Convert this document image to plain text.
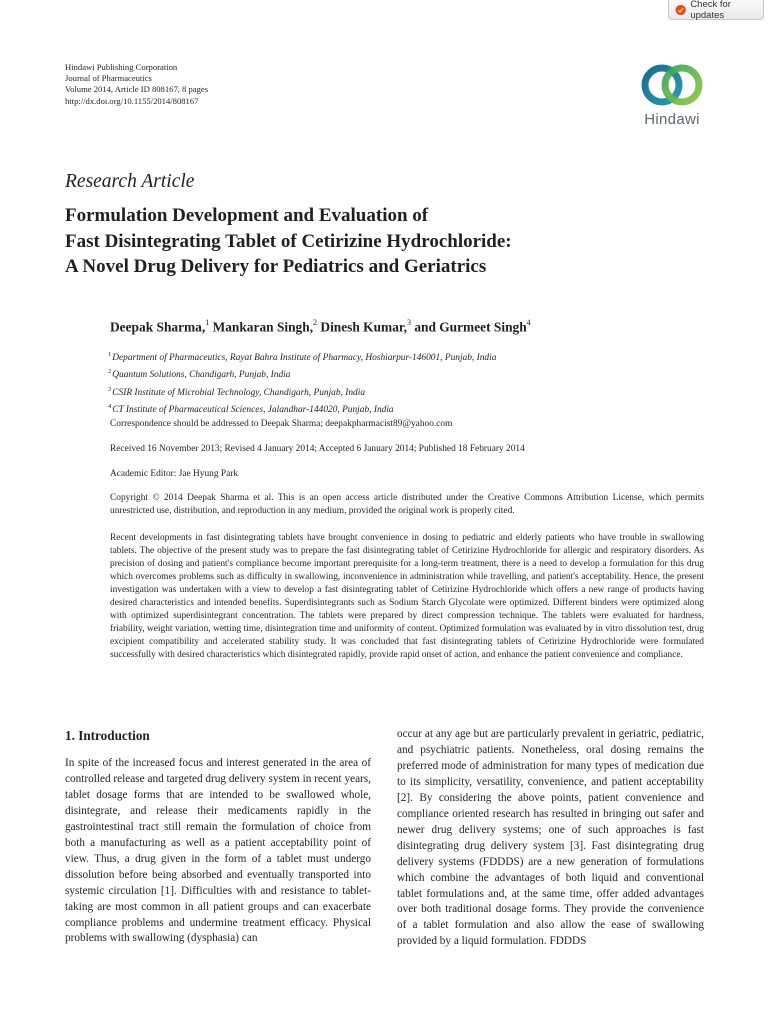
Check for updates
Hindawi Publishing Corporation
Journal of Pharmaceutics
Volume 2014, Article ID 808167, 8 pages
http://dx.doi.org/10.1155/2014/808167
Hindawi
Research Article
Formulation Development and Evaluation of
Fast Disintegrating Tablet of Cetirizine Hydrochloride:
A Novel Drug Delivery for Pediatrics and Geriatrics
Deepak Sharma,$^1$ Mankaran Singh,$^2$ Dinesh Kumar,$^3$ and Gurmeet Singh$^4$
$^1$Department of Pharmaceutics, Rayat Bahra Institute of Pharmacy, Hoshiarpur-146001, Punjab, India
$^2$Quantum Solutions, Chandigarh, Punjab, India
$^3$CSIR Institute of Microbial Technology, Chandigarh, Punjab, India
$^4$CT Institute of Pharmaceutical Sciences, Jalandhar-144020, Punjab, India
Correspondence should be addressed to Deepak Sharma; deepakpharmacist89@yahoo.com
Received 16 November 2013; Revised 4 January 2014; Accepted 6 January 2014; Published 18 February 2014
Academic Editor: Jae Hyung Park
Copyright © 2014 Deepak Sharma et al. This is an open access article distributed under the Creative Commons Attribution License, which permits unrestricted use, distribution, and reproduction in any medium, provided the original work is properly cited.
Recent developments in fast disintegrating tablets have brought convenience in dosing to pediatric and elderly patients who have trouble in swallowing tablets. The objective of the present study was to prepare the fast disintegrating tablet of Cetirizine Hydrochloride for allergic and respiratory disorders. As precision of dosing and patient's compliance become important prerequisite for a long-term treatment, there is a need to develop a formulation for this drug which overcomes problems such as difficulty in swallowing, inconvenience in administration while travelling, and patient's acceptability. Hence, the present investigation was undertaken with a view to develop a fast disintegrating tablet of Cetirizine Hydrochloride which offers a new range of products having desired characteristics and intended benefits. Superdisintegrants such as Sodium Starch Glycolate were optimized. Different binders were optimized along with optimized superdisintegrant concentration. The tablets were prepared by direct compression technique. The tablets were evaluated for hardness, friability, weight variation, wetting time, disintegration time and uniformity of content. Optimized formulation was evaluated by in vitro dissolution test, drug excipient compatibility and accelerated stability study. It was concluded that fast disintegrating tablets of Cetirizine Hydrochloride were formulated successfully with desired characteristics which disintegrated rapidly, provide rapid onset of action, and enhance the patient convenience and compliance.
1. Introduction
In spite of the increased focus and interest generated in the area of controlled release and targeted drug delivery system in recent years, tablet dosage forms that are intended to be swallowed whole, disintegrate, and release their medicaments rapidly in the gastrointestinal tract still remain the formulation of choice from both a manufacturing as well as a patient acceptability point of view. Thus, a drug given in the form of a tablet must undergo dissolution before being absorbed and eventually transported into systemic circulation [1]. Difficulties with and resistance to tablet-taking are most common in all patient groups and can exacerbate compliance problems and undermine treatment efficacy. Physical problems with swallowing (dysphasia) can
occur at any age but are particularly prevalent in geriatric, pediatric, and psychiatric patients. Nonetheless, oral dosing remains the preferred mode of administration for many types of medication due to its simplicity, versatility, convenience, and patient acceptability [2]. By considering the above points, patient convenience and compliance oriented research has resulted in bringing out safer and newer drug delivery systems; one of such approaches is fast disintegrating drug delivery system [3]. Fast disintegrating drug delivery systems (FDDDS) are a new generation of formulations which combine the advantages of both liquid and conventional tablet formulations and, at the same time, offer added advantages over both traditional dosage forms. They provide the convenience of a tablet formulation and also allow the ease of swallowing provided by a liquid formulation. FDDDS
